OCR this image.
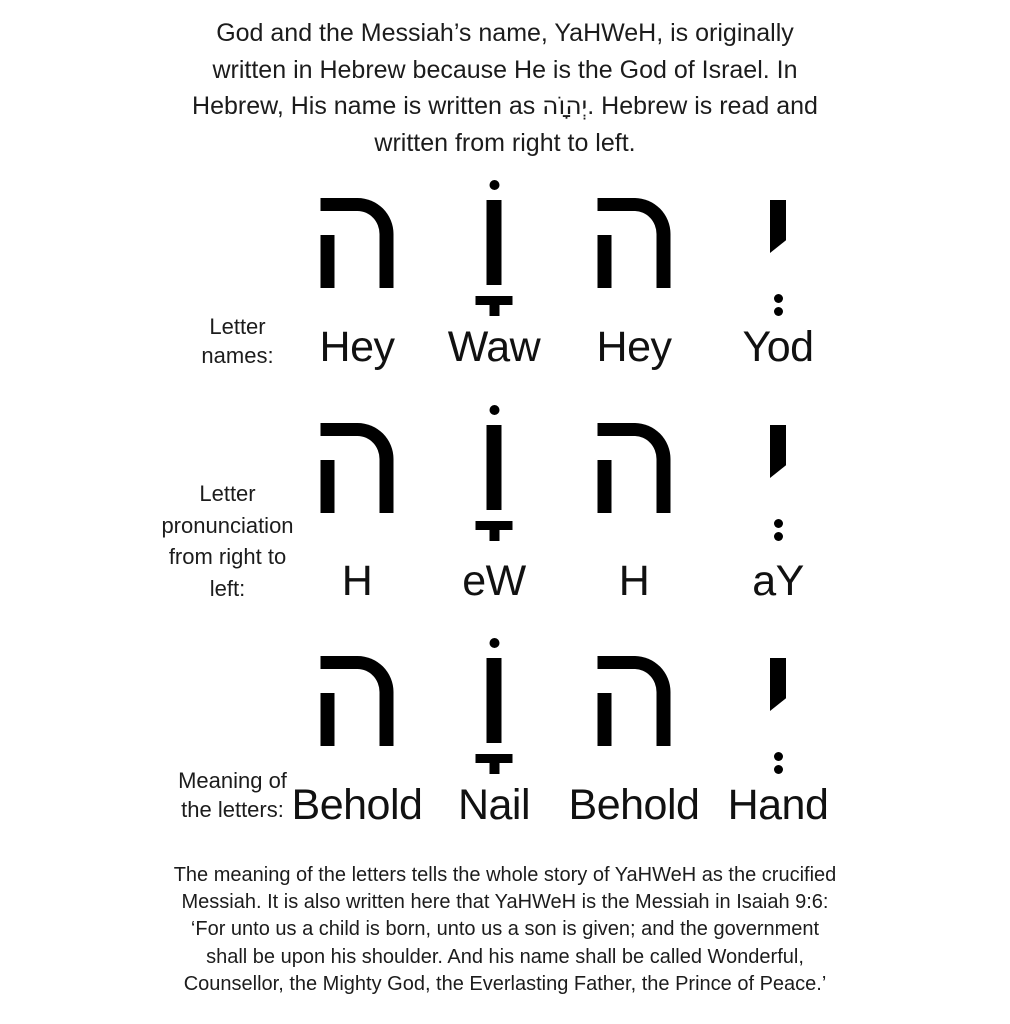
God and the Messiah’s name, YaHWeH, is originally
written in Hebrew because He is the God of Israel. In
Hebrew, His name is written as יְהוָֹה. Hebrew is read and
written from right to left.
Letter
names:	Hey	Waw	Hey	Yod
Letter
pronunciation
from right to
left:	H	eW	H	aY
Meaning of
the letters: Behold Nail Behold Hand
The meaning of the letters tells the whole story of YaHWeH as the crucified
Messiah. It is also written here that YaHWeH is the Messiah in Isaiah 9:6:
‘For unto us a child is born, unto us a son is given; and the government
shall be upon his shoulder. And his name shall be called Wonderful,
Counsellor, the Mighty God, the Everlasting Father, the Prince of Peace.’
